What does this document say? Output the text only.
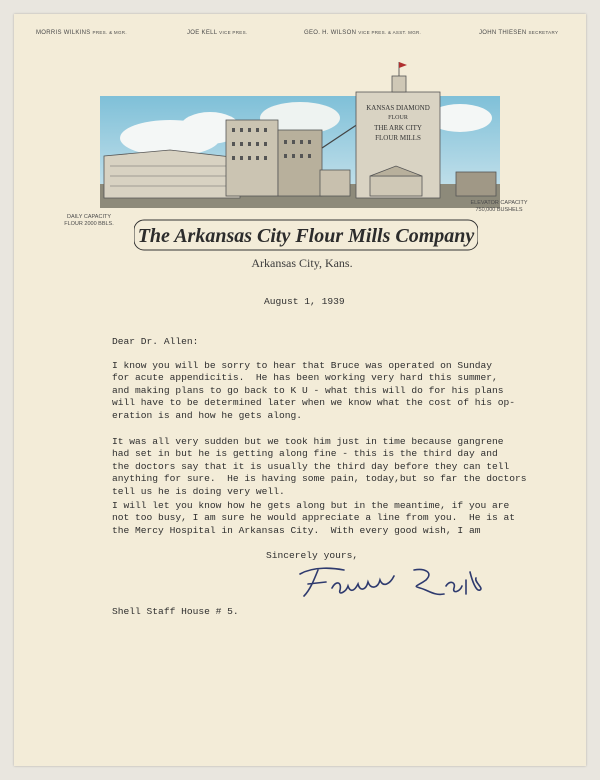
MORRIS WILKINS PRES. & MGR.	JOE KELL VICE PRES.	GEO. H. WILSON VICE PRES. & ASST. MGR.	JOHN THIESEN SECRETARY
KANSAS DIAMOND
FLOUR
THE ARK CITY
FLOUR MILLS
DAILY CAPACITY
FLOUR 2000 BBLS.
ELEVATOR CAPACITY
750,000 BUSHELS
The Arkansas City Flour Mills Company
Arkansas City, Kans.
August 1, 1939
Dear Dr. Allen:
I know you will be sorry to hear that Bruce was operated on Sunday
for acute appendicitis.  He has been working very hard this summer,
and making plans to go back to K U - what this will do for his plans
will have to be determined later when we know what the cost of his op-
eration is and how he gets along.
It was all very sudden but we took him just in time because gangrene
had set in but he is getting along fine - this is the third day and
the doctors say that it is usually the third day before they can tell
anything for sure.  He is having some pain, today,but so far the doctors
tell us he is doing very well.
I will let you know how he gets along but in the meantime, if you are
not too busy, I am sure he would appreciate a line from you.  He is at
the Mercy Hospital in Arkansas City.  With every good wish, I am
Sincerely yours,
Shell Staff House # 5.
